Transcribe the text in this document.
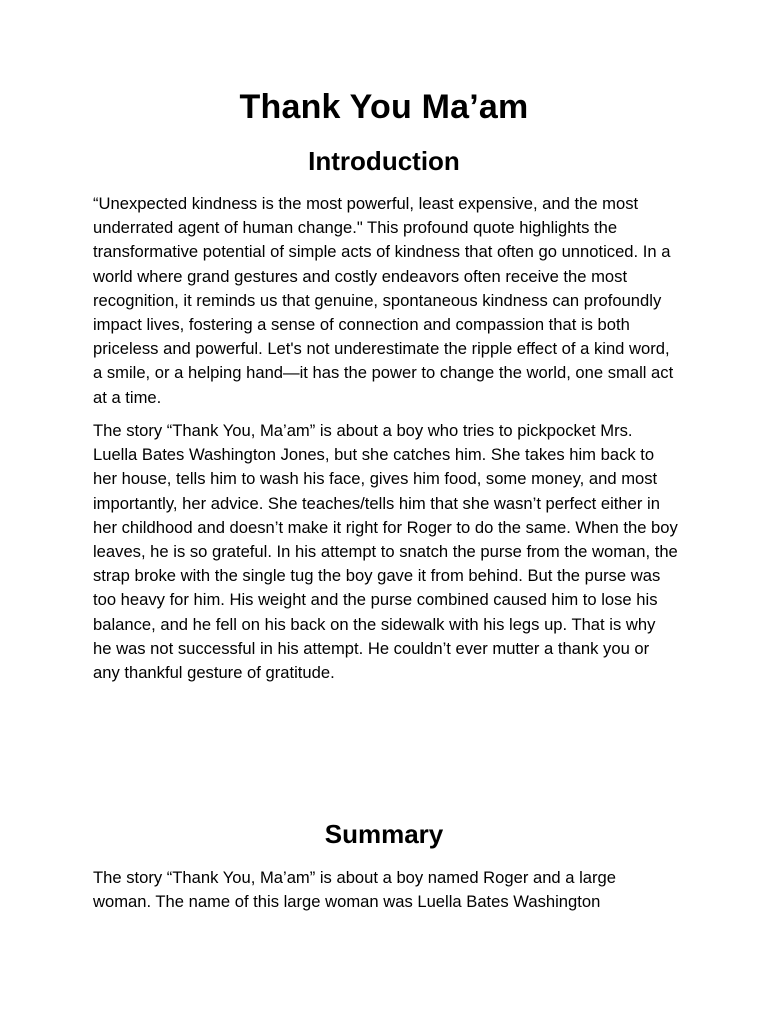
Thank You Ma’am
Introduction

“Unexpected kindness is the most powerful, least expensive, and the most underrated agent of human change." This profound quote highlights the transformative potential of simple acts of kindness that often go unnoticed. In a world where grand gestures and costly endeavors often receive the most recognition, it reminds us that genuine, spontaneous kindness can profoundly impact lives, fostering a sense of connection and compassion that is both priceless and powerful. Let's not underestimate the ripple effect of a kind word, a smile, or a helping hand—it has the power to change the world, one small act at a time.

The story “Thank You, Ma’am” is about a boy who tries to pickpocket Mrs. Luella Bates Washington Jones, but she catches him. She takes him back to her house, tells him to wash his face, gives him food, some money, and most importantly, her advice. She teaches/tells him that she wasn’t perfect either in her childhood and doesn’t make it right for Roger to do the same. When the boy leaves, he is so grateful. In his attempt to snatch the purse from the woman, the strap broke with the single tug the boy gave it from behind. But the purse was too heavy for him. His weight and the purse combined caused him to lose his balance, and he fell on his back on the sidewalk with his legs up. That is why he was not successful in his attempt. He couldn’t ever mutter a thank you or any thankful gesture of gratitude.

Summary

The story “Thank You, Ma’am” is about a boy named Roger and a large woman. The name of this large woman was Luella Bates Washington
